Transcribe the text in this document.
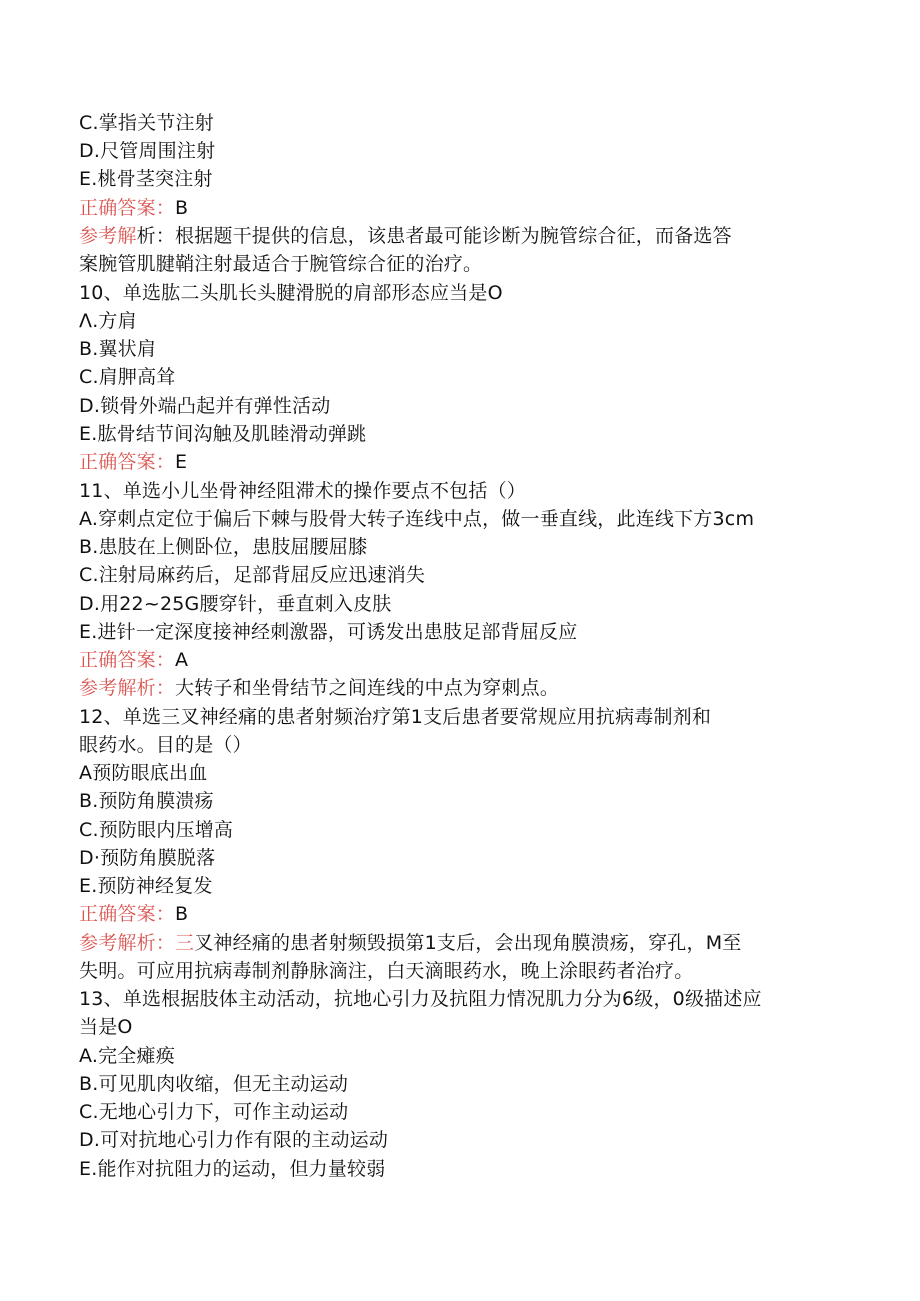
C.掌指关节注射
D.尺管周围注射
E.桃骨茎突注射
正确答案：B
参考解析：根据题干提供的信息，该患者最可能诊断为腕管综合征，而备选答
案腕管肌腱鞘注射最适合于腕管综合征的治疗。
10、单选肱二头肌长头腱滑脱的肩部形态应当是O
Λ.方肩
B.翼状肩
C.肩胛高耸
D.锁骨外端凸起并有弹性活动
E.肱骨结节间沟触及肌睦滑动弹跳
正确答案：E
11、单选小儿坐骨神经阻滞术的操作要点不包括（）
A.穿刺点定位于偏后下棘与股骨大转子连线中点，做一垂直线，此连线下方3cm
B.患肢在上侧卧位，患肢屈腰屈膝
C.注射局麻药后，足部背屈反应迅速消失
D.用22~25G腰穿针，垂直刺入皮肤
E.进针一定深度接神经刺激器，可诱发出患肢足部背屈反应
正确答案：A
参考解析：大转子和坐骨结节之间连线的中点为穿刺点。
12、单选三叉神经痛的患者射频治疗第1支后患者要常规应用抗病毒制剂和
眼药水。目的是（）
A预防眼底出血
B.预防角膜溃疡
C.预防眼内压增高
D·预防角膜脱落
E.预防神经复发
正确答案：B
参考解析：三叉神经痛的患者射频毁损第1支后，会出现角膜溃疡，穿孔，M至
失明。可应用抗病毒制剂静脉滴注，白天滴眼药水，晚上涂眼药者治疗。
13、单选根据肢体主动活动，抗地心引力及抗阻力情况肌力分为6级，0级描述应
当是O
A.完全瘫痪
B.可见肌肉收缩，但无主动运动
C.无地心引力下，可作主动运动
D.可对抗地心引力作有限的主动运动
E.能作对抗阻力的运动，但力量较弱
